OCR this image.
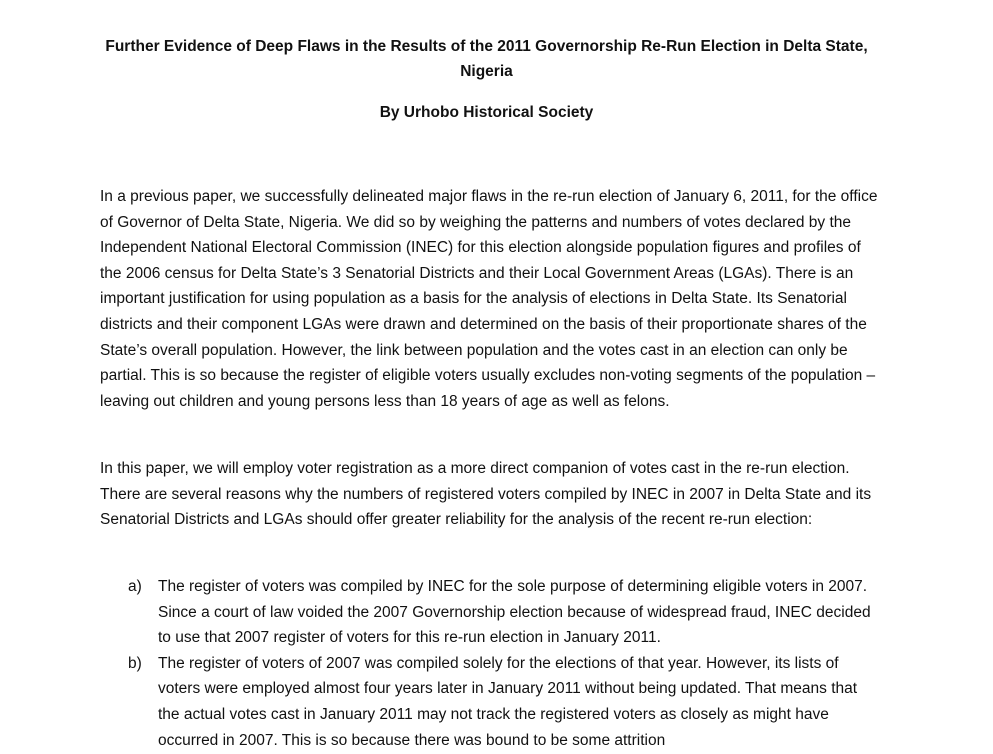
Further Evidence of Deep Flaws in the Results of the 2011 Governorship Re-Run Election in Delta State, Nigeria
By Urhobo Historical Society

In a previous paper, we successfully delineated major flaws in the re-run election of January 6, 2011, for the office of Governor of Delta State, Nigeria. We did so by weighing the patterns and numbers of votes declared by the Independent National Electoral Commission (INEC) for this election alongside population figures and profiles of the 2006 census for Delta State’s 3 Senatorial Districts and their Local Government Areas (LGAs). There is an important justification for using population as a basis for the analysis of elections in Delta State. Its Senatorial districts and their component LGAs were drawn and determined on the basis of their proportionate shares of the State’s overall population. However, the link between population and the votes cast in an election can only be partial. This is so because the register of eligible voters usually excludes non-voting segments of the population – leaving out children and young persons less than 18 years of age as well as felons.

In this paper, we will employ voter registration as a more direct companion of votes cast in the re-run election. There are several reasons why the numbers of registered voters compiled by INEC in 2007 in Delta State and its Senatorial Districts and LGAs should offer greater reliability for the analysis of the recent re-run election:

a) The register of voters was compiled by INEC for the sole purpose of determining eligible voters in 2007. Since a court of law voided the 2007 Governorship election because of widespread fraud, INEC decided to use that 2007 register of voters for this re-run election in January 2011.
b) The register of voters of 2007 was compiled solely for the elections of that year. However, its lists of voters were employed almost four years later in January 2011 without being updated. That means that the actual votes cast in January 2011 may not track the registered voters as closely as might have occurred in 2007. This is so because there was bound to be some attrition
